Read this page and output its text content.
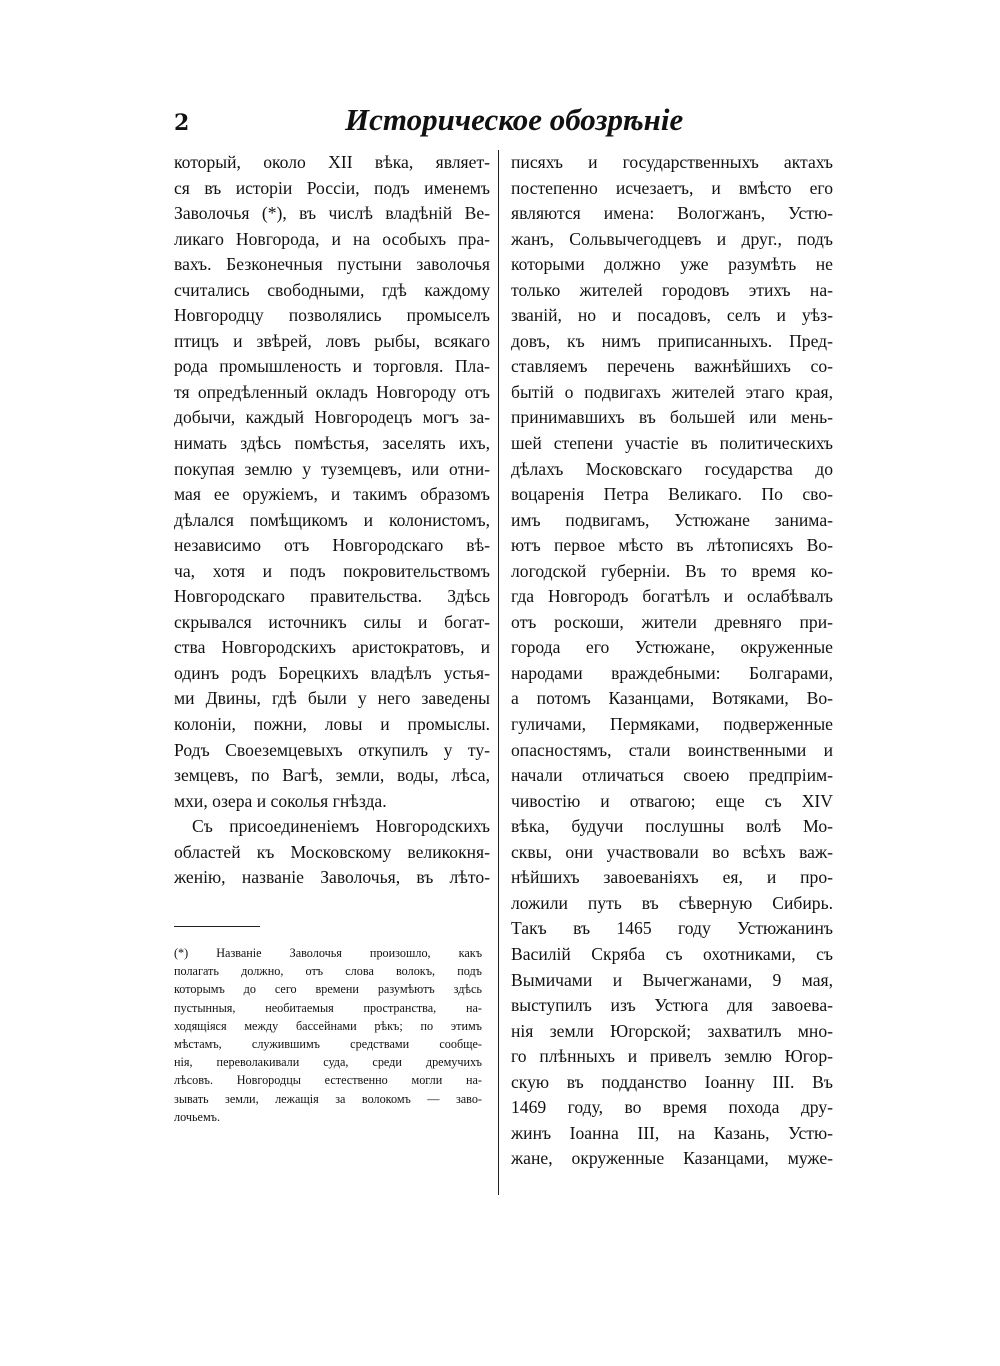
2	Историческое обозрѣніе
который, около XII вѣка, являет-
ся въ исторіи Россіи, подъ именемъ
Заволочья (*), въ числѣ владѣній Ве-
ликаго Новгорода, и на особыхъ пра-
вахъ. Безконечныя пустыни заволочья
считались свободными, гдѣ каждому
Новгородцу позволялись промыселъ
птицъ и звѣрей, ловъ рыбы, всякаго
рода промышленость и торговля. Пла-
тя опредѣленный окладъ Новгороду отъ
добычи, каждый Новгородецъ могъ за-
нимать здѣсь помѣстья, заселять ихъ,
покупая землю у туземцевъ, или отни-
мая ее оружіемъ, и такимъ образомъ
дѣлался помѣщикомъ и колонистомъ,
независимо отъ Новгородскаго вѣ-
ча, хотя и подъ покровительствомъ
Новгородскаго правительства. Здѣсь
скрывался источникъ силы и богат-
ства Новгородскихъ аристократовъ, и
одинъ родъ Борецкихъ владѣлъ устья-
ми Двины, гдѣ были у него заведены
колоніи, пожни, ловы и промыслы.
Родъ Своеземцевыхъ откупилъ у ту-
земцевъ, по Вагѣ, земли, воды, лѣса,
мхи, озера и соколья гнѣзда.
Съ присоединеніемъ Новгородскихъ
областей къ Московскому великокня-
женію, названіе Заволочья, въ лѣто-
писяхъ и государственныхъ актахъ
постепенно исчезаетъ, и вмѣсто его
являются имена: Вологжанъ, Устю-
жанъ, Сольвычегодцевъ и друг., подъ
которыми должно уже разумѣть не
только жителей городовъ этихъ на-
званій, но и посадовъ, селъ и уѣз-
довъ, къ нимъ приписанныхъ. Пред-
ставляемъ перечень важнѣйшихъ со-
бытій о подвигахъ жителей этаго края,
принимавшихъ въ большей или мень-
шей степени участіе въ политическихъ
дѣлахъ Московскаго государства до
воцаренія Петра Великаго. По сво-
имъ подвигамъ, Устюжане занима-
ютъ первое мѣсто въ лѣтописяхъ Во-
логодской губерніи. Въ то время ко-
гда Новгородъ богатѣлъ и ослабѣвалъ
отъ роскоши, жители древняго при-
города его Устюжане, окруженные
народами враждебными: Болгарами,
а потомъ Казанцами, Вотяками, Во-
гуличами, Пермяками, подверженные
опасностямъ, стали воинственными и
начали отличаться своею предпріим-
чивостію и отвагою; еще съ XIV
вѣка, будучи послушны волѣ Мо-
сквы, они участвовали во всѣхъ важ-
нѣйшихъ завоеваніяхъ ея, и про-
ложили путь въ сѣверную Сибирь.
Такъ въ 1465 году Устюжанинъ
Василій Скряба съ охотниками, съ
Вымичами и Вычегжанами, 9 мая,
выступилъ изъ Устюга для завоева-
нія земли Югорской; захватилъ мно-
го плѣнныхъ и привелъ землю Югор-
скую въ подданство Іоанну III. Въ
1469 году, во время похода дру-
жинъ Іоанна III, на Казань, Устю-
жане, окруженные Казанцами, муже-
(*) Названіе Заволочья произошло, какъ
полагать должно, отъ слова волокъ, подъ
которымъ до сего времени разумѣютъ здѣсь
пустынныя, необитаемыя пространства, на-
ходящіяся между бассейнами рѣкъ; по этимъ
мѣстамъ, служившимъ средствами сообще-
нія, переволакивали суда, среди дремучихъ
лѣсовъ. Новгородцы естественно могли на-
зывать земли, лежащія за волокомъ — заво-
лочьемъ.
